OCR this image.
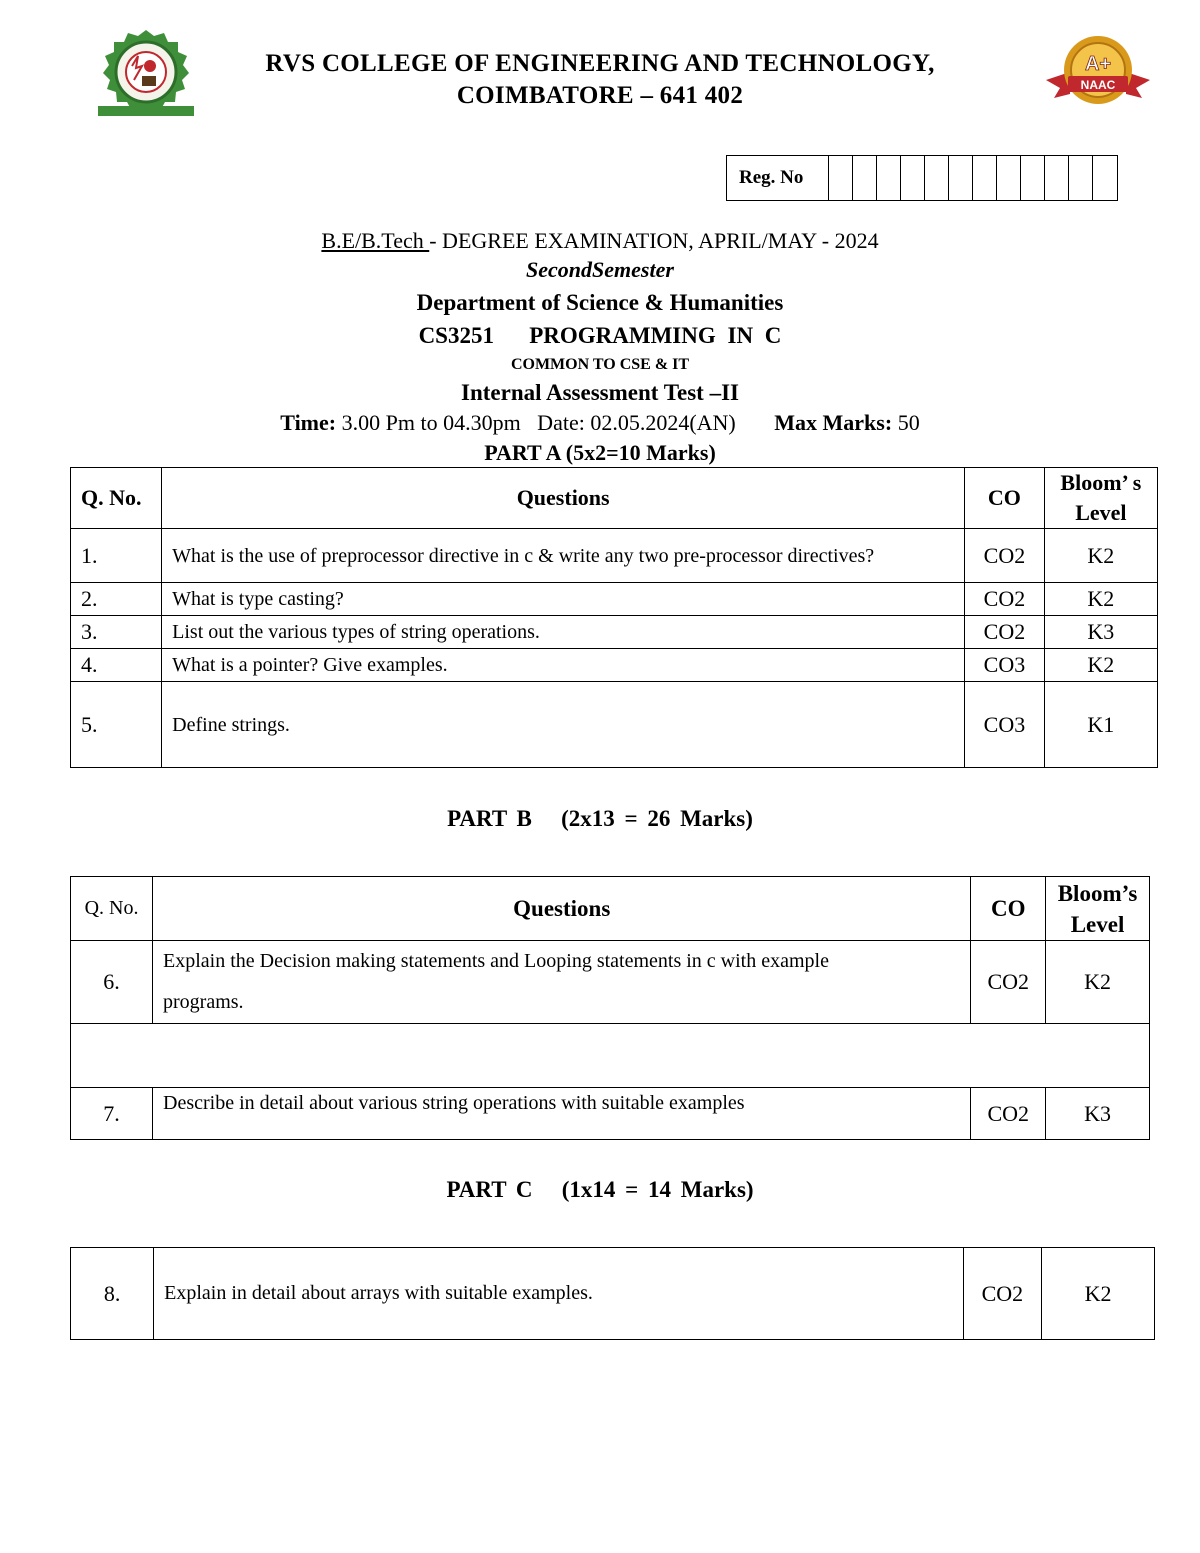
A+
NAAC
RVS COLLEGE OF ENGINEERING AND TECHNOLOGY,
COIMBATORE – 641 402
Reg. No
B.E/B.Tech - DEGREE EXAMINATION, APRIL/MAY - 2024
SecondSemester
Department of Science & Humanities
CS3251   PROGRAMMING IN C
COMMON TO CSE & IT
Internal Assessment Test –II
Time: 3.00 Pm to 04.30pm   Date: 02.05.2024(AN) Max Marks: 50
PART A (5x2=10 Marks)
Q. No.	Questions	CO	Bloom’ s
Level

1.	What is the use of preprocessor directive in c & write any two pre-processor directives?	CO2	K2
2.	What is type casting?	CO2	K2
3.	List out the various types of string operations.	CO2	K3
4.	What is a pointer? Give examples.	CO3	K2
5.	Define strings.	CO3	K1
PART B   (2x13 = 26 Marks)
Q. No.	Questions	CO	Bloom’s
Level

6.	Explain the Decision making statements and Looping statements in c with example programs.	CO2	K2

7.	Describe in detail about various string operations with suitable examples	CO2	K3
PART C   (1x14 = 14 Marks)
8.	Explain in detail about arrays with suitable examples.	CO2	K2
